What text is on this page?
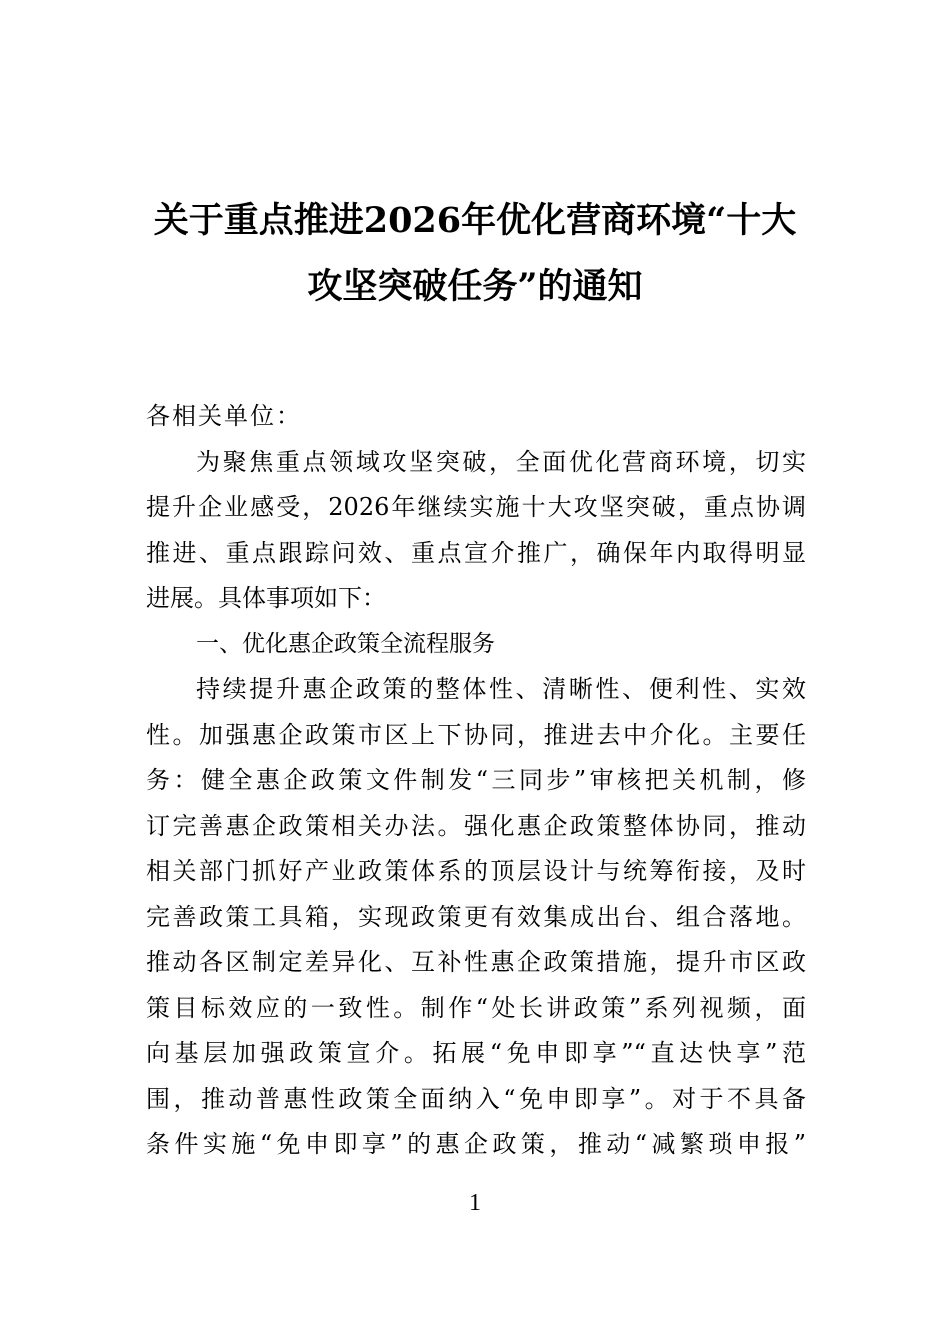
关于重点推进2026年优化营商环境“十大
攻坚突破任务”的通知
各相关单位：
为聚焦重点领域攻坚突破，全面优化营商环境，切实
提升企业感受，2026年继续实施十大攻坚突破，重点协调
推进、重点跟踪问效、重点宣介推广，确保年内取得明显
进展。具体事项如下：
一、优化惠企政策全流程服务
持续提升惠企政策的整体性、清晰性、便利性、实效
性。加强惠企政策市区上下协同，推进去中介化。主要任
务：健全惠企政策文件制发“三同步”审核把关机制，修
订完善惠企政策相关办法。强化惠企政策整体协同，推动
相关部门抓好产业政策体系的顶层设计与统筹衔接，及时
完善政策工具箱，实现政策更有效集成出台、组合落地。
推动各区制定差异化、互补性惠企政策措施，提升市区政
策目标效应的一致性。制作“处长讲政策”系列视频，面
向基层加强政策宣介。拓展“免申即享”“直达快享”范
围，推动普惠性政策全面纳入“免申即享”。对于不具备
条件实施“免申即享”的惠企政策，推动“减繁琐申报”
1
